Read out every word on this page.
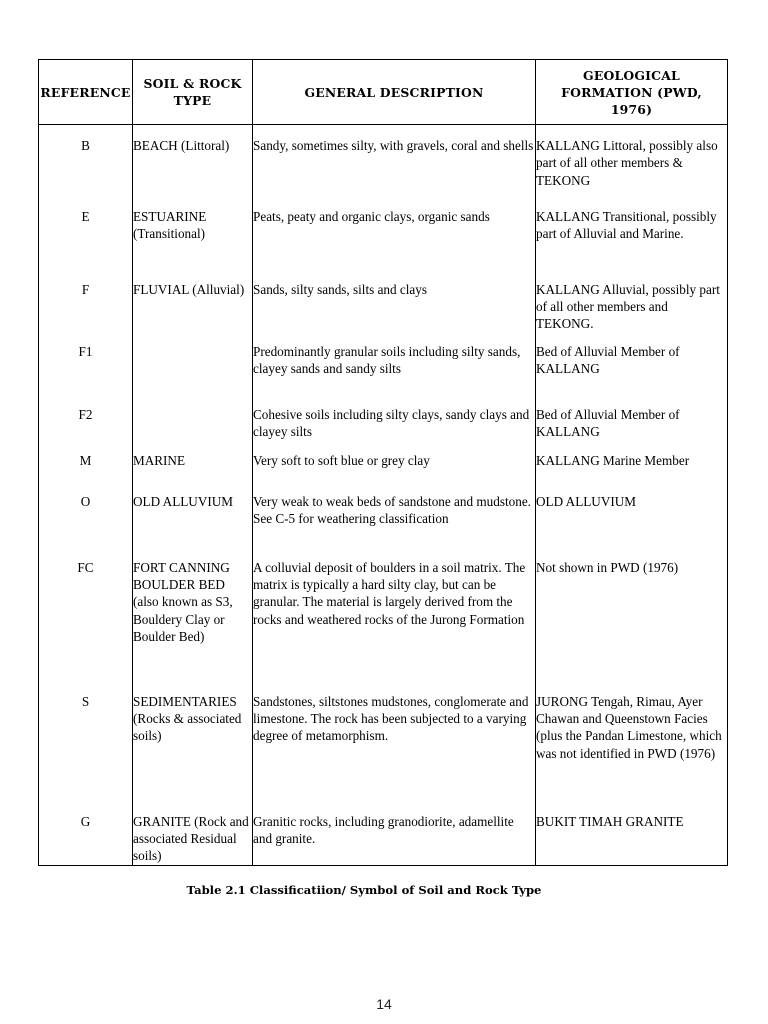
REFERENCE	SOIL & ROCK TYPE	GENERAL DESCRIPTION	GEOLOGICAL FORMATION (PWD, 1976)
B	BEACH (Littoral)	Sandy, sometimes silty, with gravels, coral and shells	KALLANG Littoral, possibly also part of all other members & TEKONG
E	ESTUARINE (Transitional)	Peats, peaty and organic clays, organic sands	KALLANG Transitional, possibly part of Alluvial and Marine.
F	FLUVIAL (Alluvial)	Sands, silty sands, silts and clays	KALLANG Alluvial, possibly part of all other members and TEKONG.
F1		Predominantly granular soils including silty sands, clayey sands and sandy silts	Bed of Alluvial Member of KALLANG
F2		Cohesive soils including silty clays, sandy clays and clayey silts	Bed of Alluvial Member of KALLANG
M	MARINE	Very soft to soft blue or grey clay	KALLANG Marine Member
O	OLD ALLUVIUM	Very weak to weak beds of sandstone and mudstone. See C-5 for weathering classification	OLD ALLUVIUM
FC	FORT CANNING BOULDER BED (also known as S3, Bouldery Clay or Boulder Bed)	A colluvial deposit of boulders in a soil matrix. The matrix is typically a hard silty clay, but can be granular. The material is largely derived from the rocks and weathered rocks of the Jurong Formation	Not shown in PWD (1976)
S	SEDIMENTARIES (Rocks & associated soils)	Sandstones, siltstones mudstones, conglomerate and limestone. The rock has been subjected to a varying degree of metamorphism.	JURONG Tengah, Rimau, Ayer Chawan and Queenstown Facies (plus the Pandan Limestone, which was not identified in PWD (1976)
G	GRANITE (Rock and associated Residual soils)	Granitic rocks, including granodiorite, adamellite and granite.	BUKIT TIMAH GRANITE
Table 2.1 Classificatiion/ Symbol of Soil and Rock Type
14
